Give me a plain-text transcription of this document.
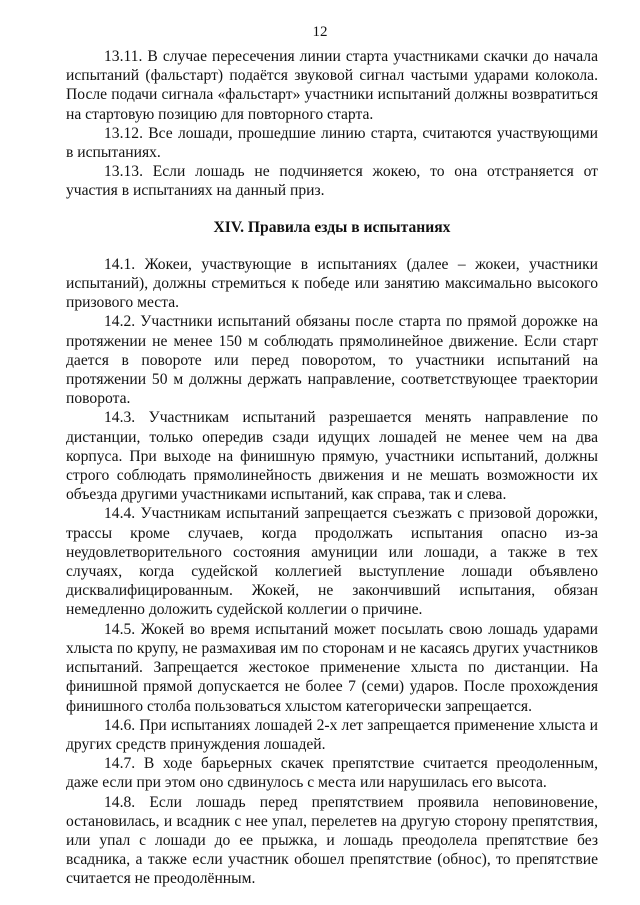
12

13.11. В случае пересечения линии старта участниками скачки до начала испытаний (фальстарт) подаётся звуковой сигнал частыми ударами колокола. После подачи сигнала «фальстарт» участники испытаний должны возвратиться на стартовую позицию для повторного старта.

13.12. Все лошади, прошедшие линию старта, считаются участвующими в испытаниях.

13.13. Если лошадь не подчиняется жокею, то она отстраняется от участия в испытаниях на данный приз.

XIV. Правила езды в испытаниях

14.1. Жокеи, участвующие в испытаниях (далее – жокеи, участники испытаний), должны стремиться к победе или занятию максимально высокого призового места.

14.2. Участники испытаний обязаны после старта по прямой дорожке на протяжении не менее 150 м соблюдать прямолинейное движение. Если старт дается в повороте или перед поворотом, то участники испытаний на протяжении 50 м должны держать направление, соответствующее траектории поворота.

14.3. Участникам испытаний разрешается менять направление по дистанции, только опередив сзади идущих лошадей не менее чем на два корпуса. При выходе на финишную прямую, участники испытаний, должны строго соблюдать прямолинейность движения и не мешать возможности их объезда другими участниками испытаний, как справа, так и слева.

14.4. Участникам испытаний запрещается съезжать с призовой дорожки, трассы кроме случаев, когда продолжать испытания опасно из-за неудовлетворительного состояния амуниции или лошади, а также в тех случаях, когда судейской коллегией выступление лошади объявлено дисквалифицированным. Жокей, не закончивший испытания, обязан немедленно доложить судейской коллегии о причине.

14.5. Жокей во время испытаний может посылать свою лошадь ударами хлыста по крупу, не размахивая им по сторонам и не касаясь других участников испытаний. Запрещается жестокое применение хлыста по дистанции. На финишной прямой допускается не более 7 (семи) ударов. После прохождения финишного столба пользоваться хлыстом категорически запрещается.

14.6. При испытаниях лошадей 2-х лет запрещается применение хлыста и других средств принуждения лошадей.

14.7. В ходе барьерных скачек препятствие считается преодоленным, даже если при этом оно сдвинулось с места или нарушилась его высота.

14.8. Если лошадь перед препятствием проявила неповиновение, остановилась, и всадник с нее упал, перелетев на другую сторону препятствия, или упал с лошади до ее прыжка, и лошадь преодолела препятствие без всадника, а также если участник обошел препятствие (обнос), то препятствие считается не преодолённым.
